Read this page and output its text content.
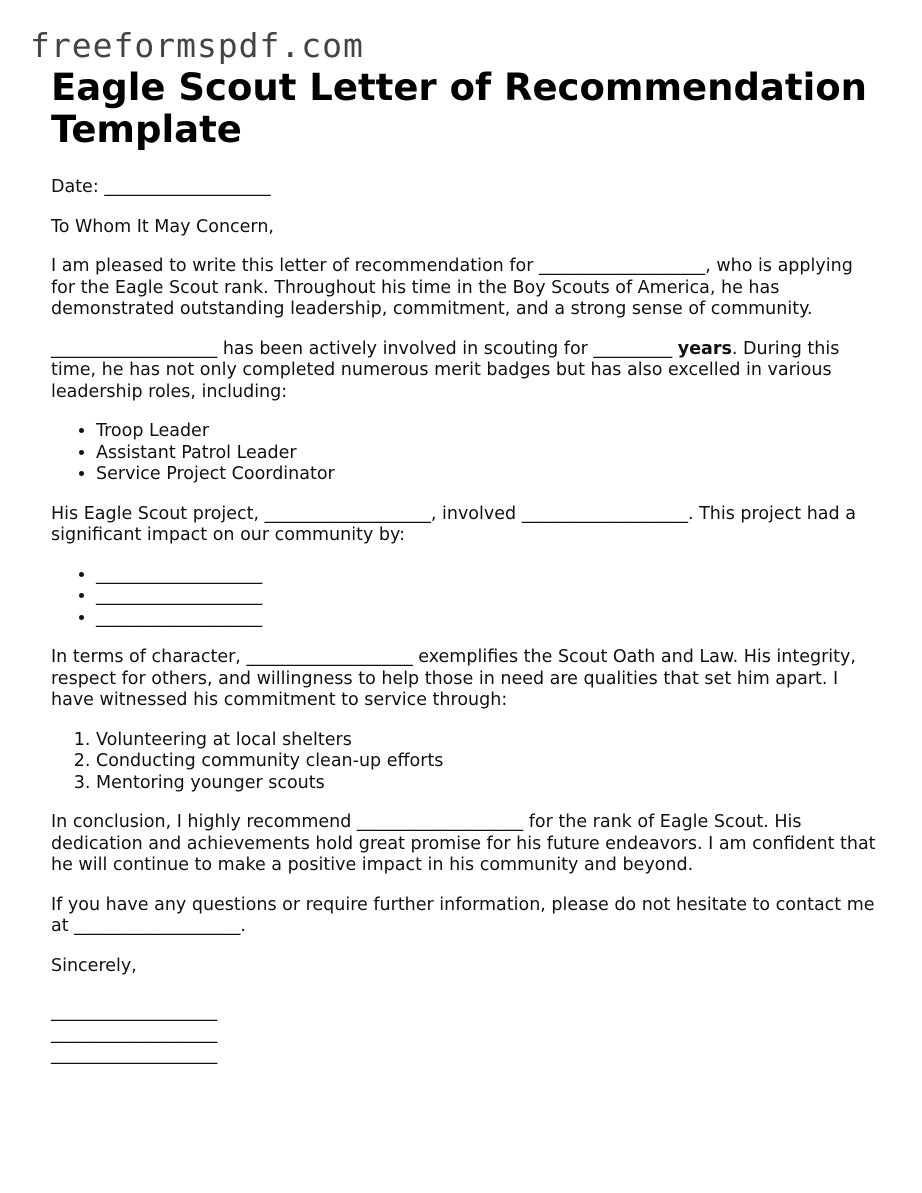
freeformspdf.com
Eagle Scout Letter of Recommendation Template

Date: ___________________

To Whom It May Concern,

I am pleased to write this letter of recommendation for ___________________, who is applying for the Eagle Scout rank. Throughout his time in the Boy Scouts of America, he has demonstrated outstanding leadership, commitment, and a strong sense of community.

___________________ has been actively involved in scouting for _________ years. During this time, he has not only completed numerous merit badges but has also excelled in various leadership roles, including:

• Troop Leader
• Assistant Patrol Leader
• Service Project Coordinator

His Eagle Scout project, ___________________, involved ___________________. This project had a significant impact on our community by:

• ___________________
• ___________________
• ___________________

In terms of character, ___________________ exemplifies the Scout Oath and Law. His integrity, respect for others, and willingness to help those in need are qualities that set him apart. I have witnessed his commitment to service through:

1. Volunteering at local shelters
2. Conducting community clean-up efforts
3. Mentoring younger scouts

In conclusion, I highly recommend ___________________ for the rank of Eagle Scout. His dedication and achievements hold great promise for his future endeavors. I am confident that he will continue to make a positive impact in his community and beyond.

If you have any questions or require further information, please do not hesitate to contact me at ___________________.

Sincerely,

___________________

___________________

___________________
